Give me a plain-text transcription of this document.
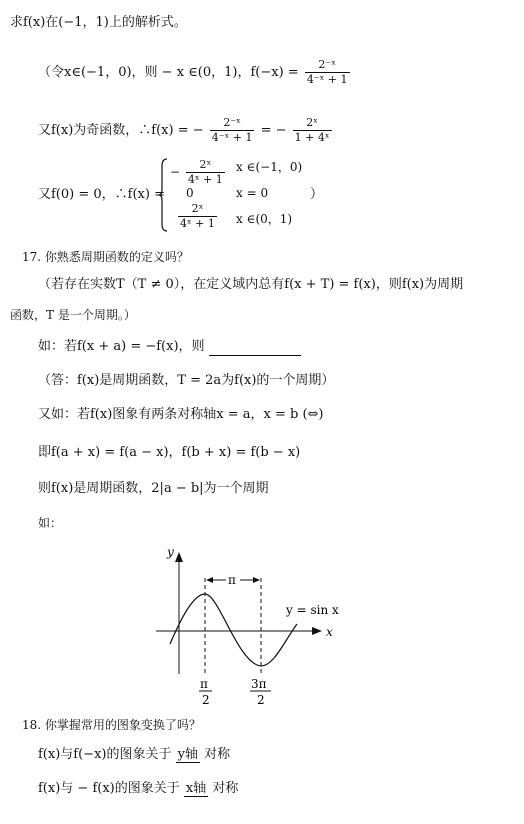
求f(x)在(−1，1)上的解析式。
（令x∈(−1，0)，则 − x ∈(0，1)，$f(-x) = \frac{\text{2⁻ˣ}}{\text{4⁻ˣ + 1}}$
又f(x)为奇函数，∴f(x) = − $\frac{\text{2⁻ˣ}}{\text{4⁻ˣ + 1}}$ = − $\frac{\text{2ˣ}}{\text{1 + 4ˣ}}$
又f(0) = 0，∴f(x) =
− $\frac{\text{2ˣ}}{\text{4ˣ + 1}}$ x ∈(−1，0)
0	x = 0
$\frac{\text{2ˣ}}{\text{4ˣ + 1}}$ x ∈(0，1)
）
17. 你熟悉周期函数的定义吗？
（若存在实数T（T ≠ 0），在定义域内总有f(x + T) = f(x)，则f(x)为周期
函数，T 是一个周期。）
如：若f(x + a) = −f(x)，则
（答：f(x)是周期函数，T = 2a为f(x)的一个周期）
又如：若f(x)图象有两条对称轴x = a，x = b (⇔)
即f(a + x) = f(a − x)，f(b + x) = f(b − x)
则f(x)是周期函数，2|a − b|为一个周期
如：
y
x
π
y = sin x
π
2
3π
2
18. 你掌握常用的图象变换了吗？
f(x)与f(−x)的图象关于 y轴 对称
f(x)与 − f(x)的图象关于 x轴 对称
